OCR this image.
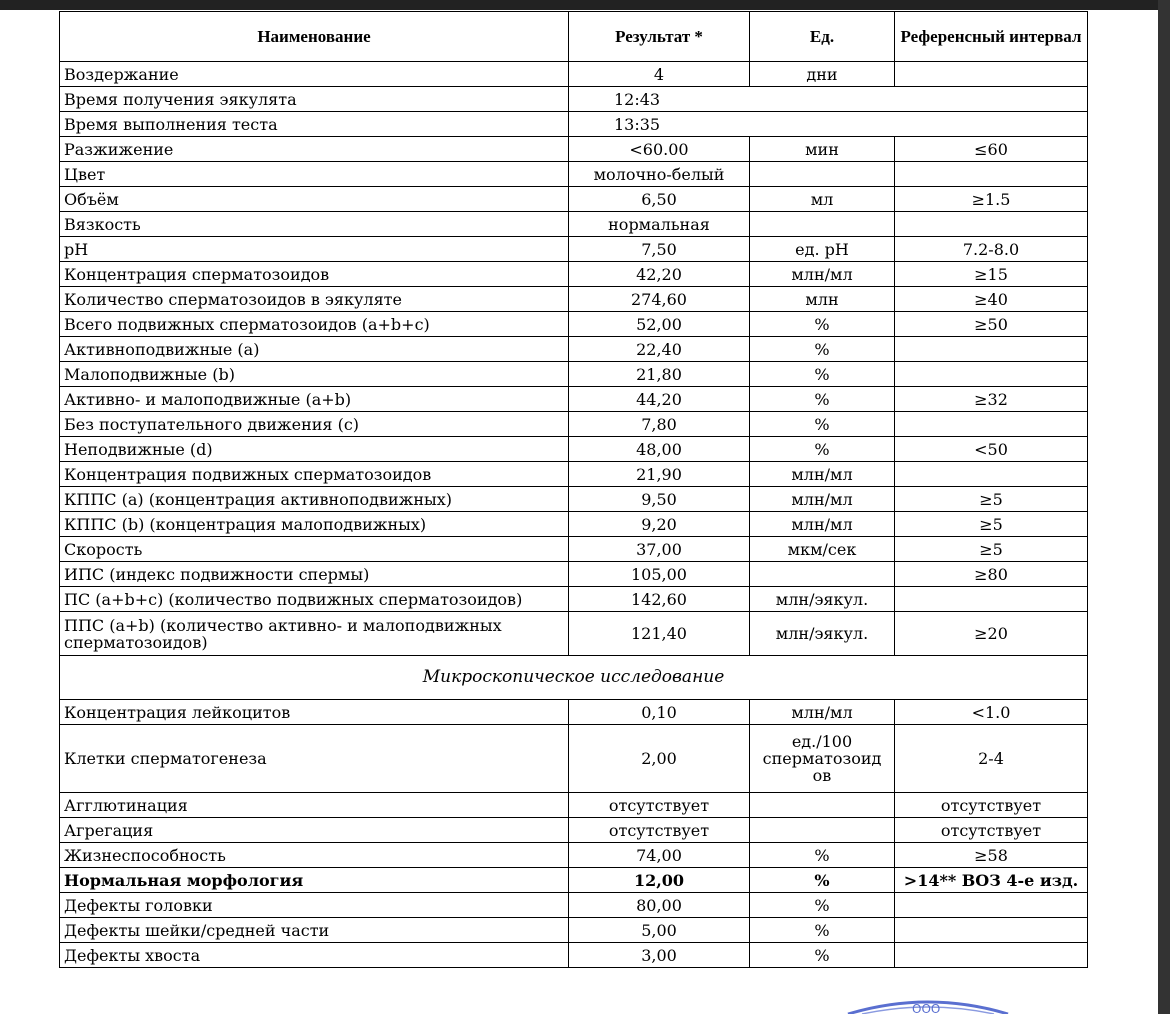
Наименование	Результат *	Ед.	Референсный интервал
Воздержание	4	дни	
Время получения эякулята	12:43		
Время выполнения теста	13:35		
Разжижение	<60.00	мин	≤60
Цвет	молочно-белый		
Объём	6,50	мл	≥1.5
Вязкость	нормальная		
pH	7,50	ед. pH	7.2-8.0
Концентрация сперматозоидов	42,20	млн/мл	≥15
Количество сперматозоидов в эякуляте	274,60	млн	≥40
Всего подвижных сперматозоидов (a+b+c)	52,00	%	≥50
Активноподвижные (a)	22,40	%	
Малоподвижные (b)	21,80	%	
Активно- и малоподвижные (a+b)	44,20	%	≥32
Без поступательного движения (c)	7,80	%	
Неподвижные (d)	48,00	%	<50
Концентрация подвижных сперматозоидов	21,90	млн/мл	
КППС (a) (концентрация активноподвижных)	9,50	млн/мл	≥5
КППС (b) (концентрация малоподвижных)	9,20	млн/мл	≥5
Скорость	37,00	мкм/сек	≥5
ИПС (индекс подвижности спермы)	105,00		≥80
ПС (a+b+c) (количество подвижных сперматозоидов)	142,60	млн/эякул.	
ППС (a+b) (количество активно- и малоподвижных сперматозоидов)	121,40	млн/эякул.	≥20
Микроскопическое исследование			
Концентрация лейкоцитов	0,10	млн/мл	<1.0
Клетки сперматогенеза	2,00	ед./100 сперматозоид ов	2-4
Агглютинация	отсутствует		отсутствует
Агрегация	отсутствует		отсутствует
Жизнеспособность	74,00	%	≥58
Нормальная морфология	12,00	%	>14** ВОЗ 4-е изд.
Дефекты головки	80,00	%	
Дефекты шейки/средней части	5,00	%	
Дефекты хвоста	3,00	%	
ООО
